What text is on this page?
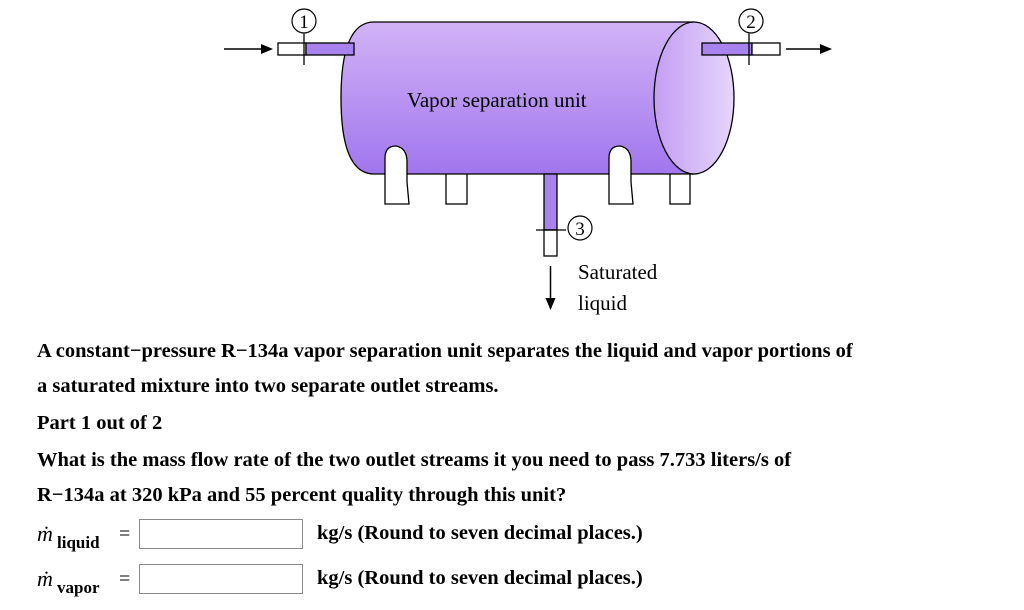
1	2
3
Vapor separation unit
Saturated
liquid
A constant−pressure R−134a vapor separation unit separates the liquid and vapor portions of
a saturated mixture into two separate outlet streams.
Part 1 out of 2
What is the mass flow rate of the two outlet streams it you need to pass 7.733 liters/s of
R−134a at 320 kPa and 55 percent quality through this unit?
ṁ liquid =	kg/s (Round to seven decimal places.)
ṁ vapor =	kg/s (Round to seven decimal places.)
